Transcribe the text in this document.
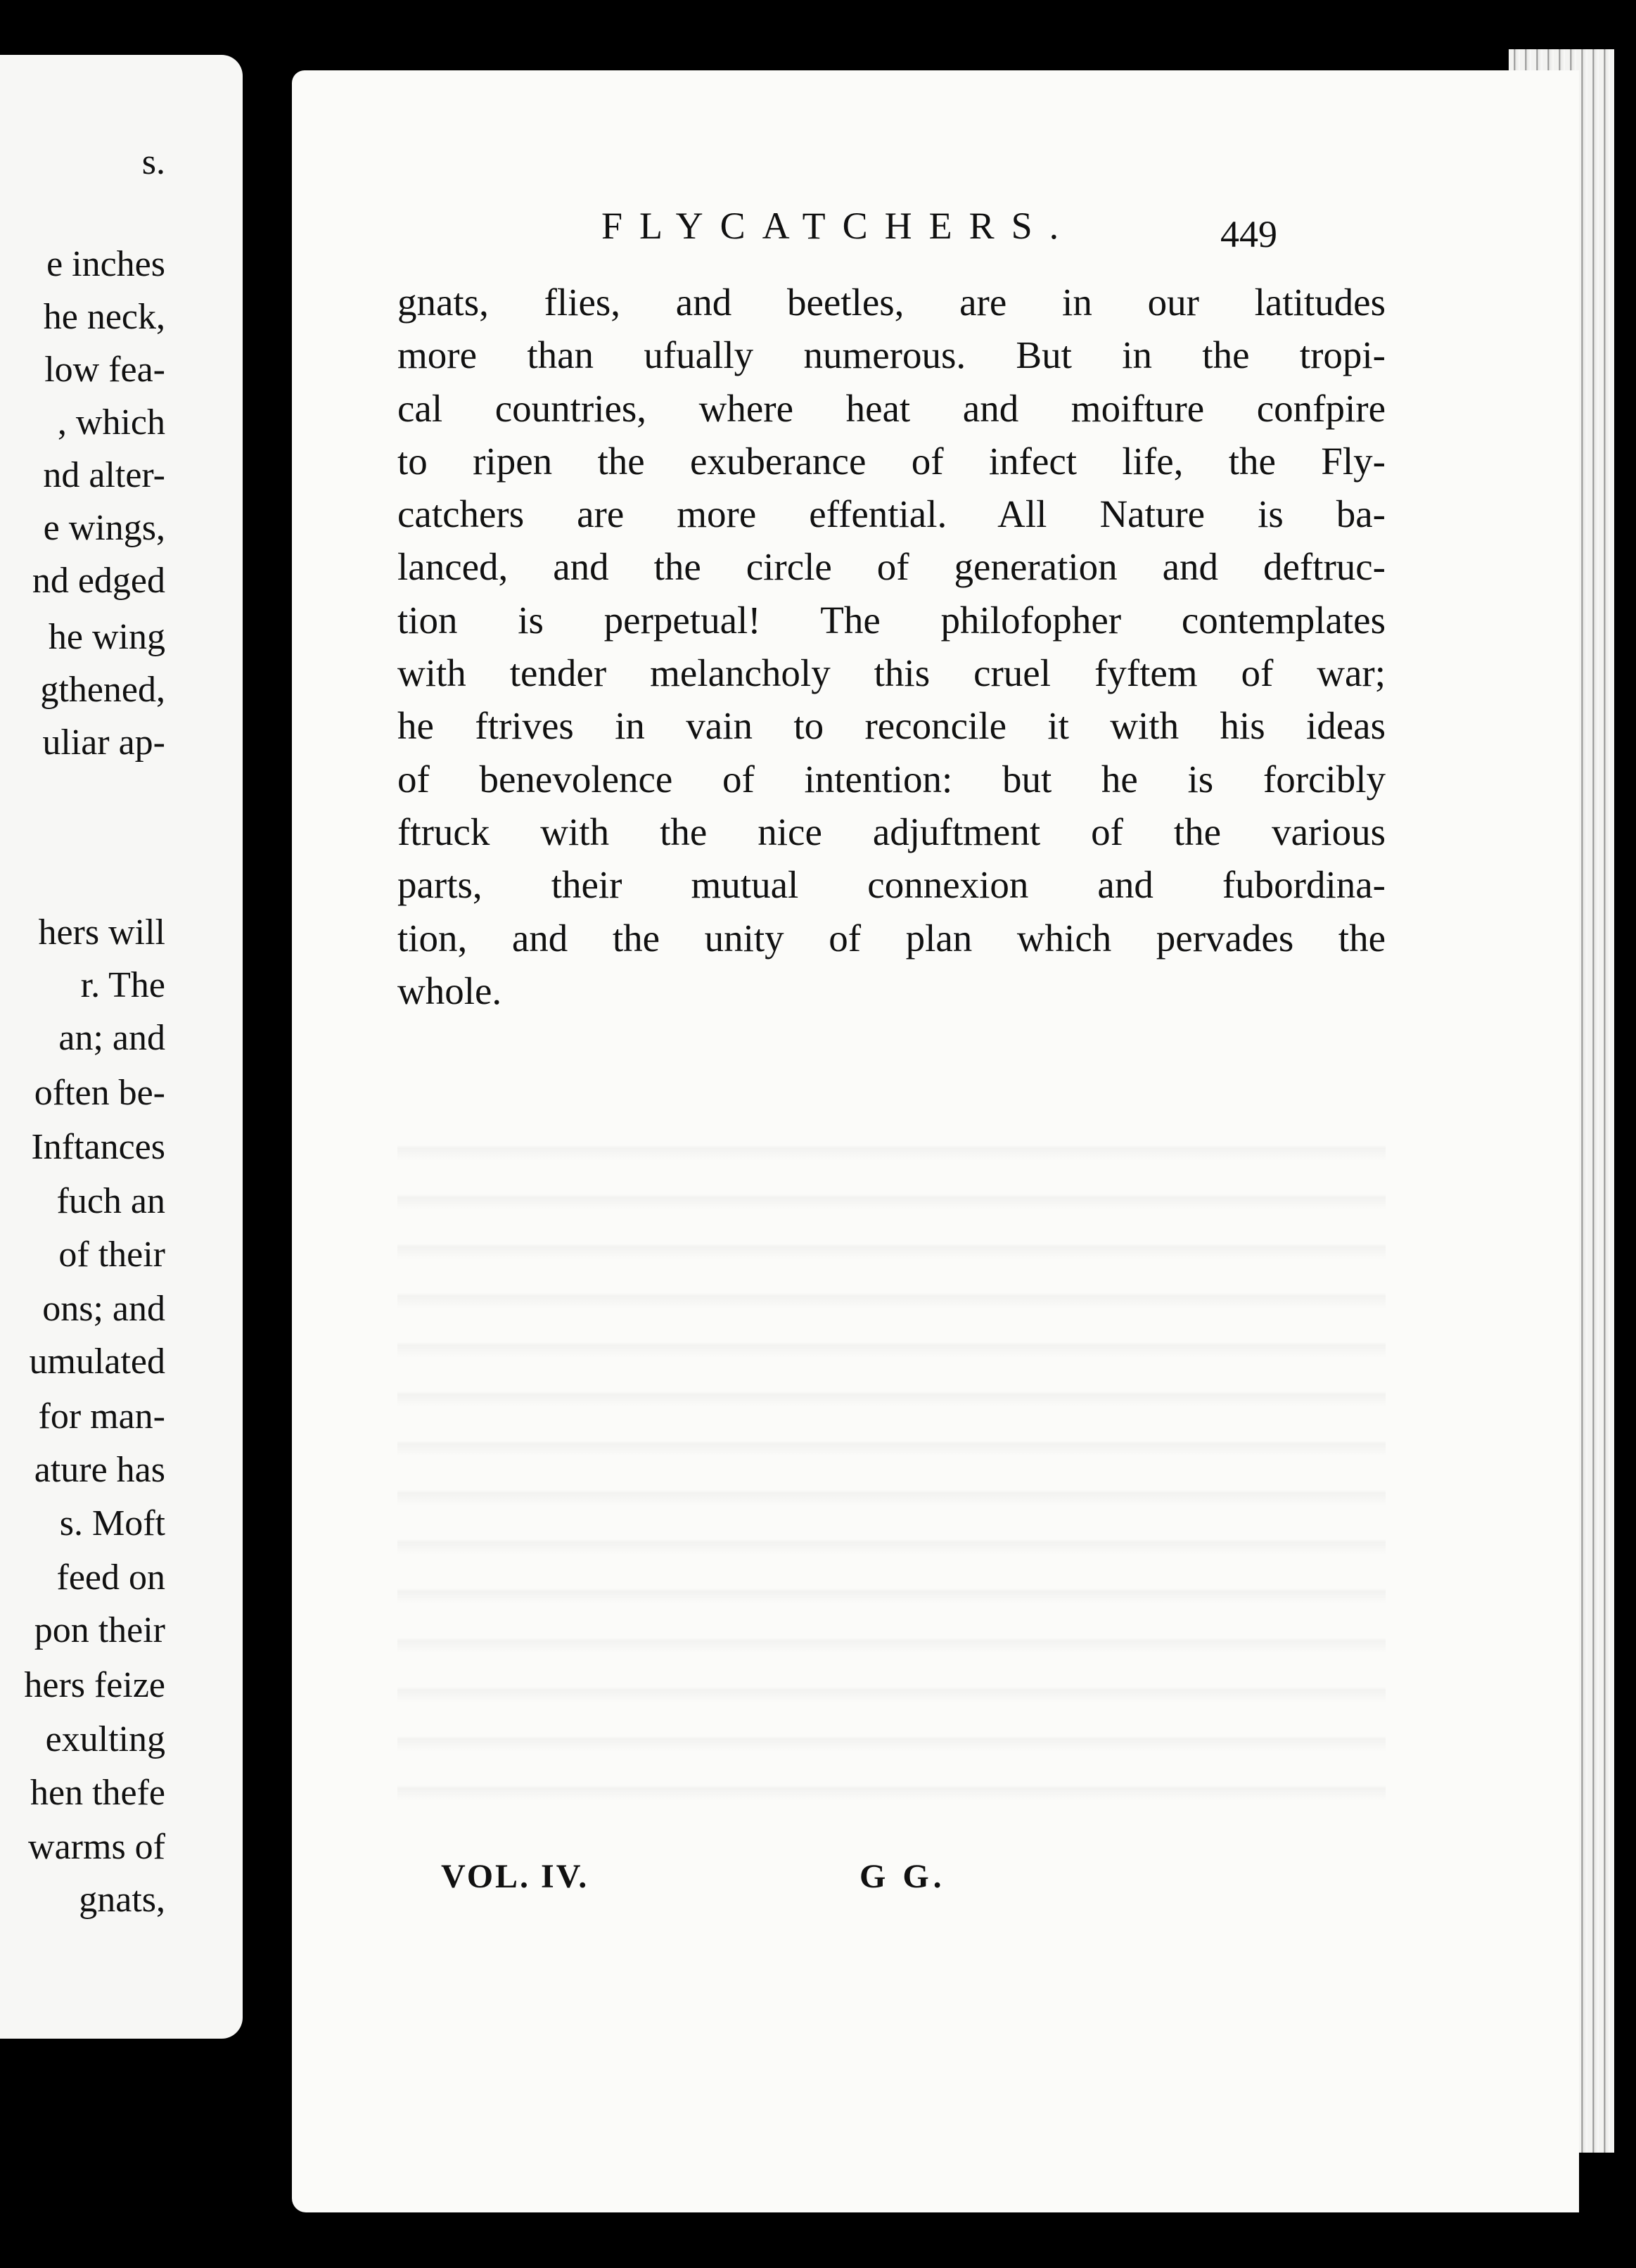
s.
e inches
he neck,
low fea-
, which
nd alter-
e wings,
nd edged
he wing
gthened,
uliar ap-
hers will
r. The
an; and
often be-
Inftances
fuch an
of their
ons; and
umulated
for man-
ature has
s. Moft
feed on
pon their
hers feize
exulting
hen thefe
warms of
gnats,
FLYCATCHERS.	449
gnats, flies, and beetles, are in our latitudes
more than ufually numerous. But in the tropi-
cal countries, where heat and moifture confpire
to ripen the exuberance of infect life, the Fly-
catchers are more effential. All Nature is ba-
lanced, and the circle of generation and deftruc-
tion is perpetual! The philofopher contemplates
with tender melancholy this cruel fyftem of war;
he ftrives in vain to reconcile it with his ideas
of benevolence of intention: but he is forcibly
ftruck with the nice adjuftment of the various
parts, their mutual connexion and fubordina-
tion, and the unity of plan which pervades the
whole.
VOL. IV.	G G.
